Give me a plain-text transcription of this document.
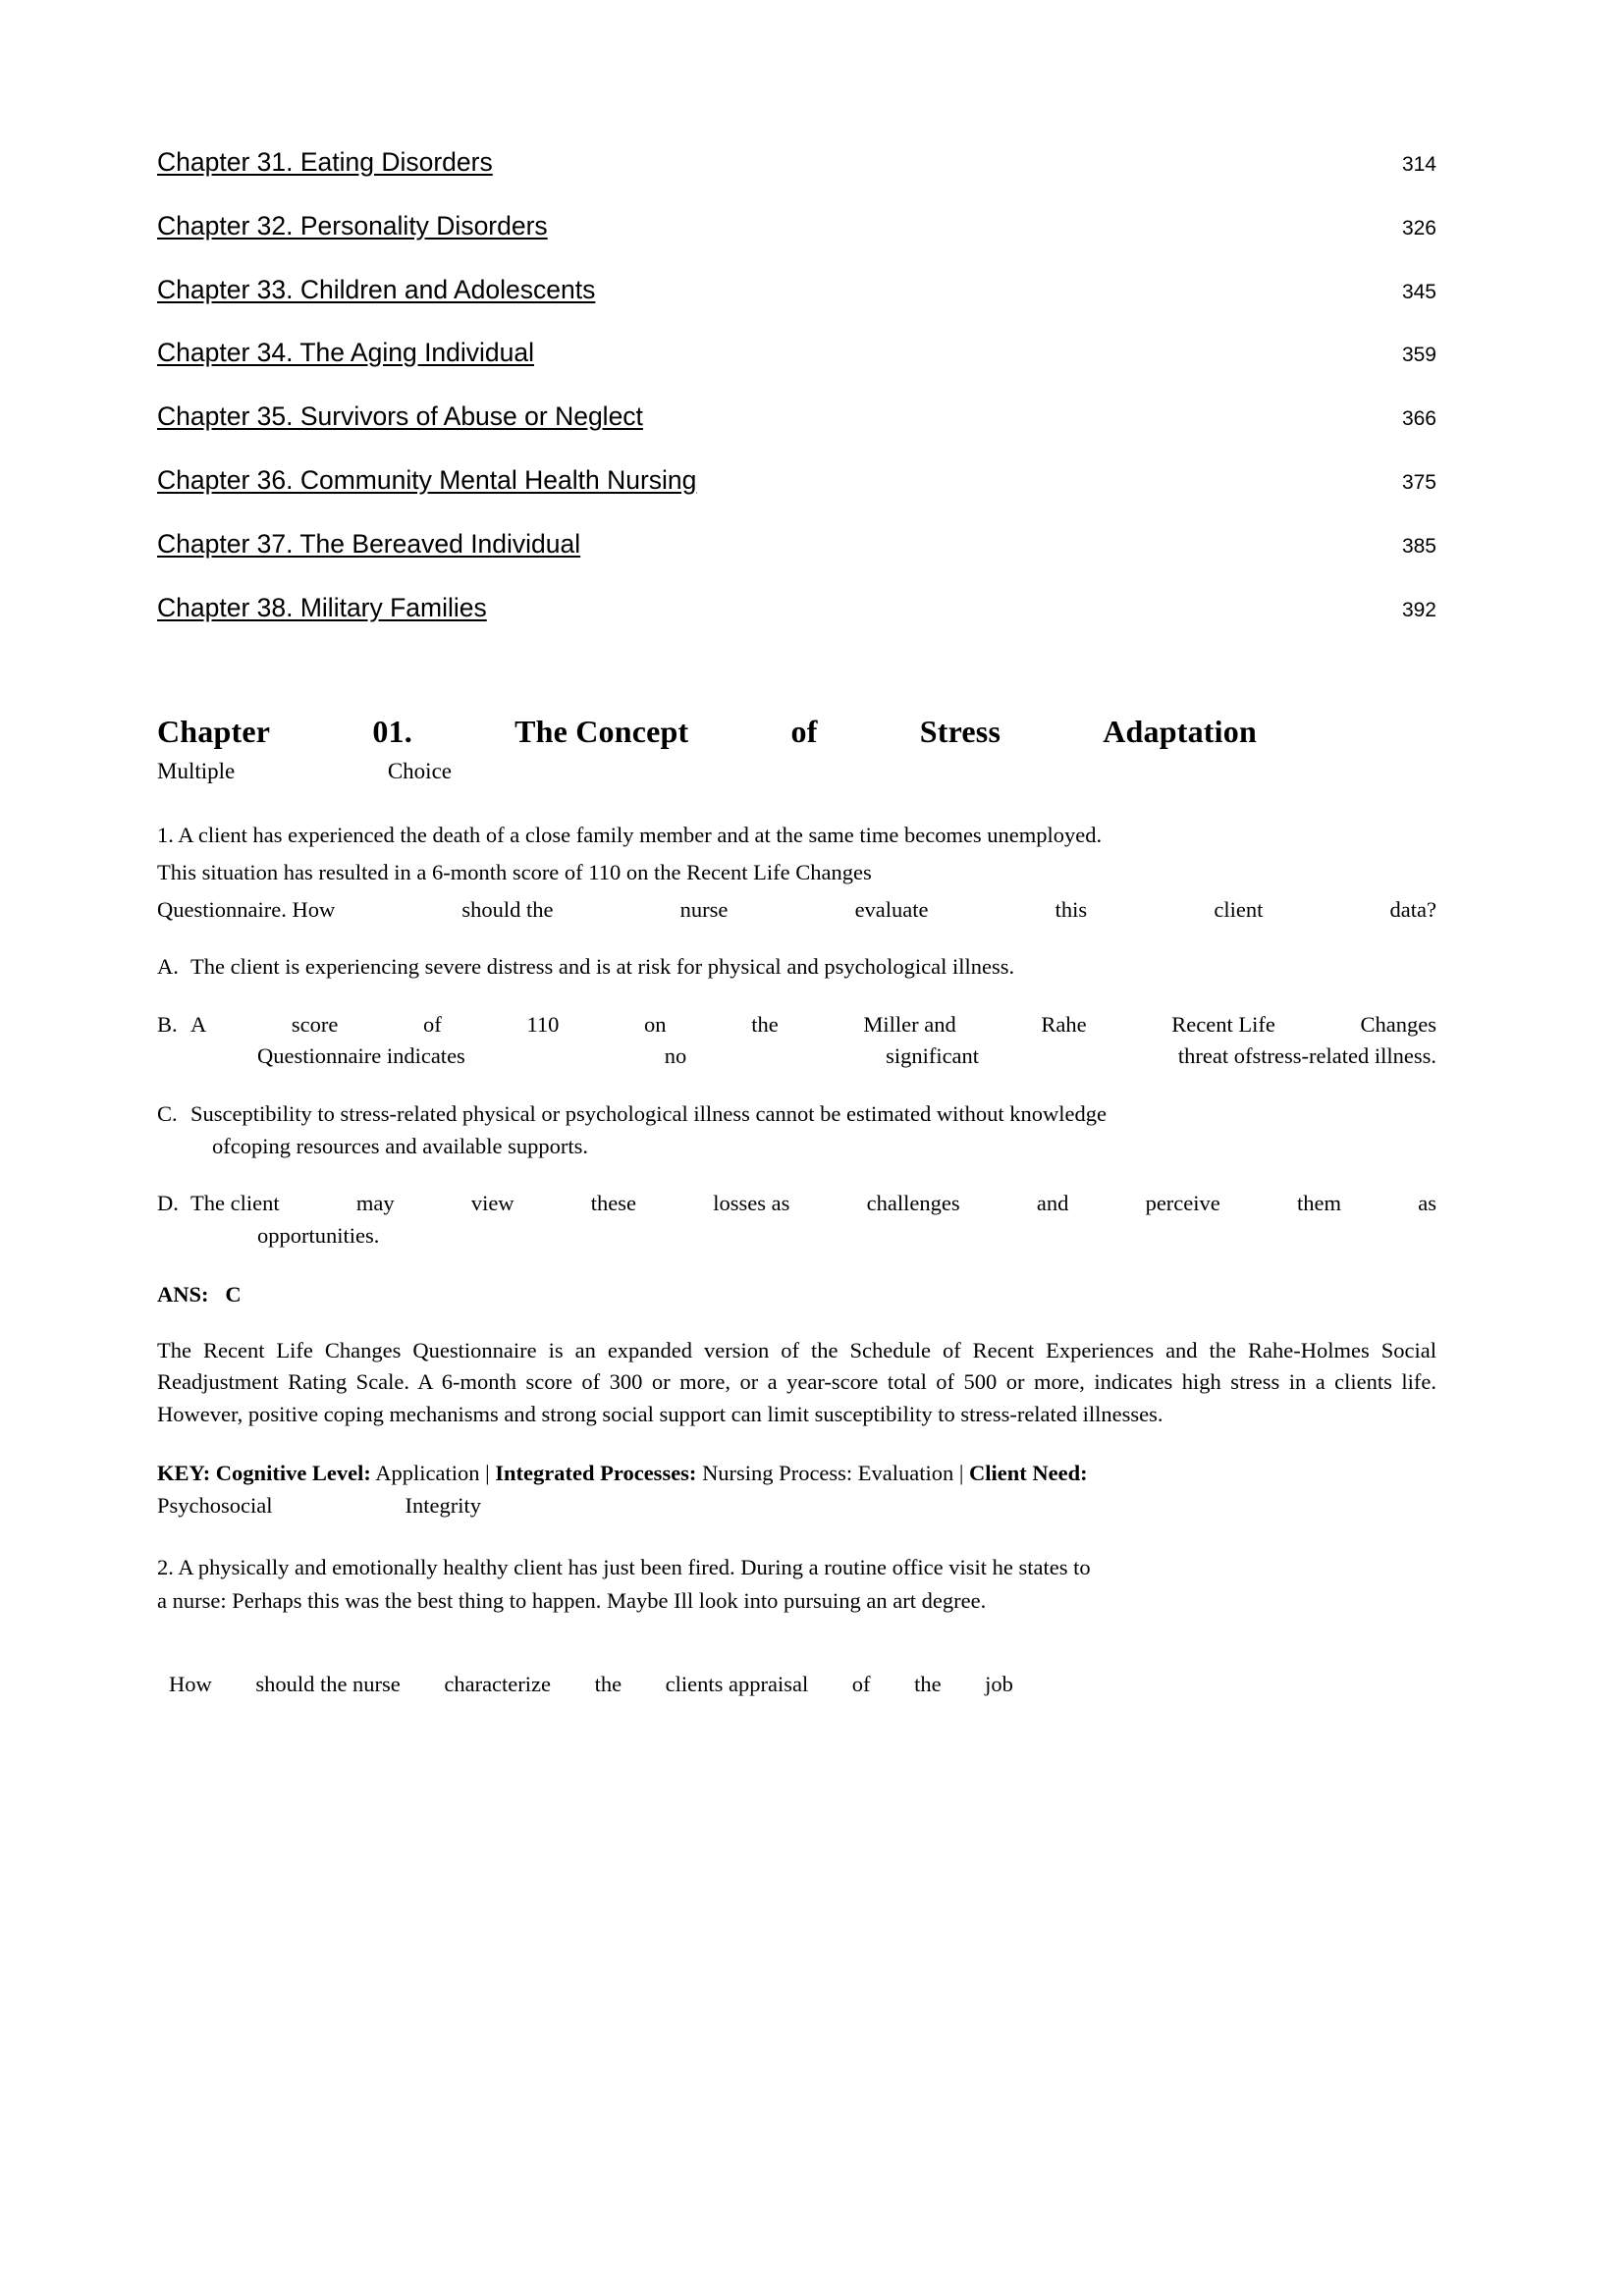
Chapter 31. Eating Disorders	314
Chapter 32. Personality Disorders	326
Chapter 33. Children and Adolescents	345
Chapter 34. The Aging Individual	359
Chapter 35. Survivors of Abuse or Neglect	366
Chapter 36. Community Mental Health Nursing	375
Chapter 37. The Bereaved Individual	385
Chapter 38. Military Families	392
Chapter	01.	The Concept	of	Stress	Adaptation
Multiple	Choice

1. A client has experienced the death of a close family member and at the same time becomes unemployed.

This situation has resulted in a 6-month score of 110 on the Recent Life Changes

Questionnaire. How	should the	nurse	evaluate	this	client	data?
A. The client is experiencing severe distress and is at risk for physical and psychological illness.
B. A	score	of	110	on	the	Miller and	Rahe	Recent Life	Changes
Questionnaire indicates	no	significant	threat ofstress-related illness.
C. Susceptibility to stress-related physical or psychological illness cannot be estimated without knowledge
ofcoping resources and available supports.
D. The client	may	view	these	losses as	challenges	and	perceive	them	as
opportunities.
ANS: C
The Recent Life Changes Questionnaire is an expanded version of the Schedule of Recent Experiences and the Rahe-Holmes Social Readjustment Rating Scale. A 6-month score of 300 or more, or a year-score total of 500 or more, indicates high stress in a clients life. However, positive coping mechanisms and strong social support can limit susceptibility to stress-related illnesses.
KEY: Cognitive Level: Application | Integrated Processes: Nursing Process: Evaluation | Client Need:
Psychosocial	Integrity

2. A physically and emotionally healthy client has just been fired. During a routine office visit he states to

a nurse: Perhaps this was the best thing to happen. Maybe Ill look into pursuing an art degree.

How should the nurse characterize the clients appraisal of the job
